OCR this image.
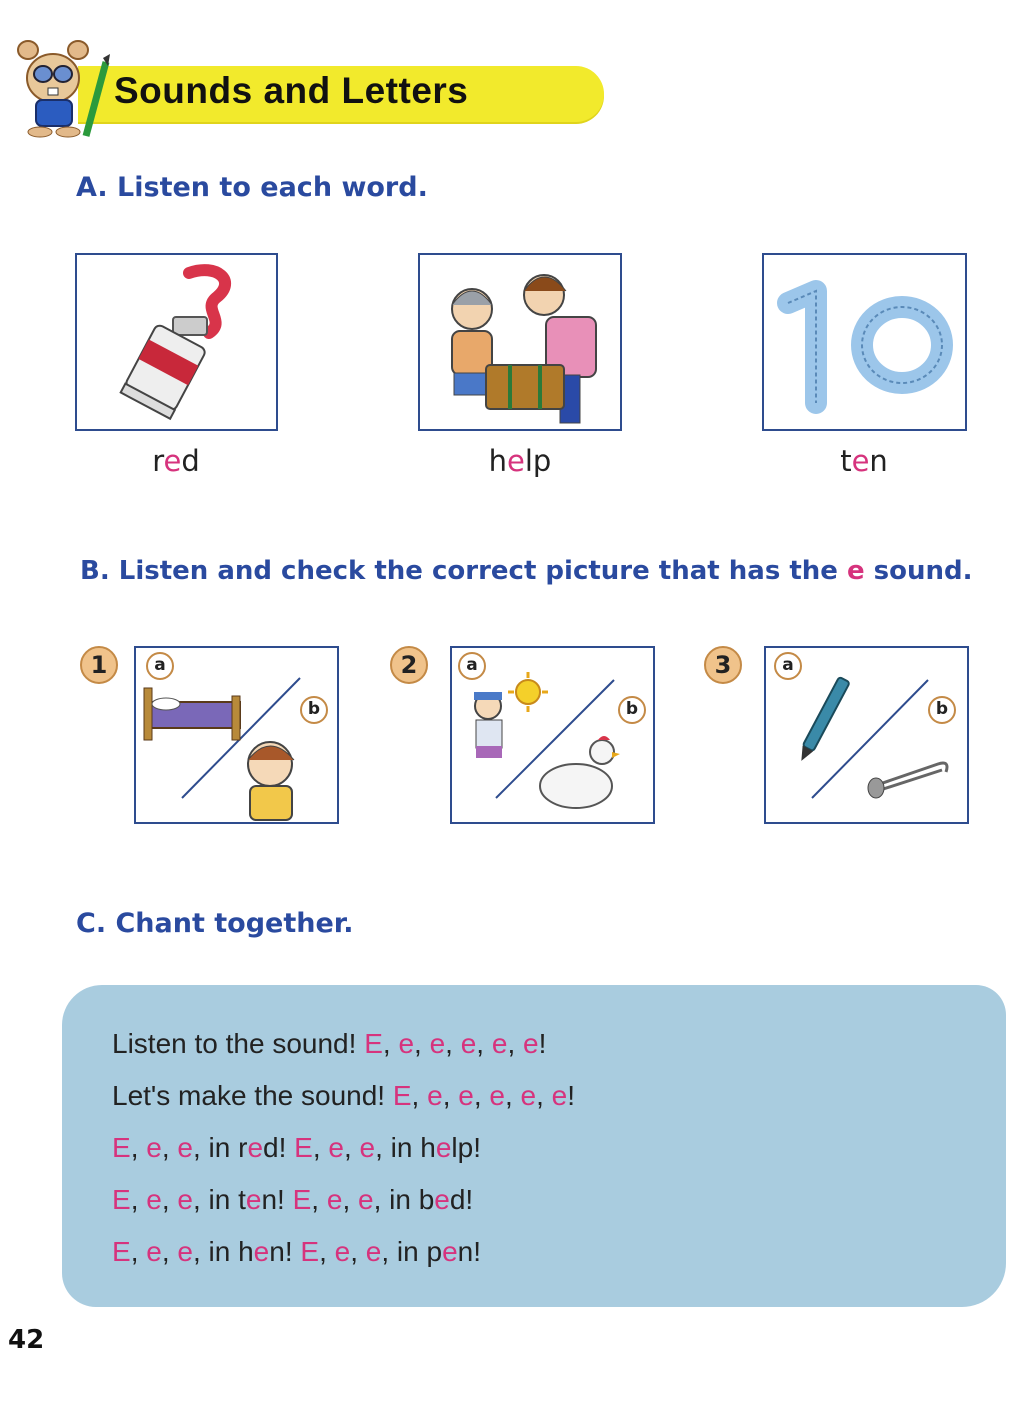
Sounds and Letters
A. Listen to each word.
red	help	ten
B. Listen and check the correct picture that has the e sound.
1	a
b
2	a
b
3	a
b
C. Chant together.
Listen to the sound! E, e, e, e, e, e!
Let's make the sound! E, e, e, e, e, e!
E, e, e, in red! E, e, e, in help!
E, e, e, in ten! E, e, e, in bed!
E, e, e, in hen! E, e, e, in pen!
42
